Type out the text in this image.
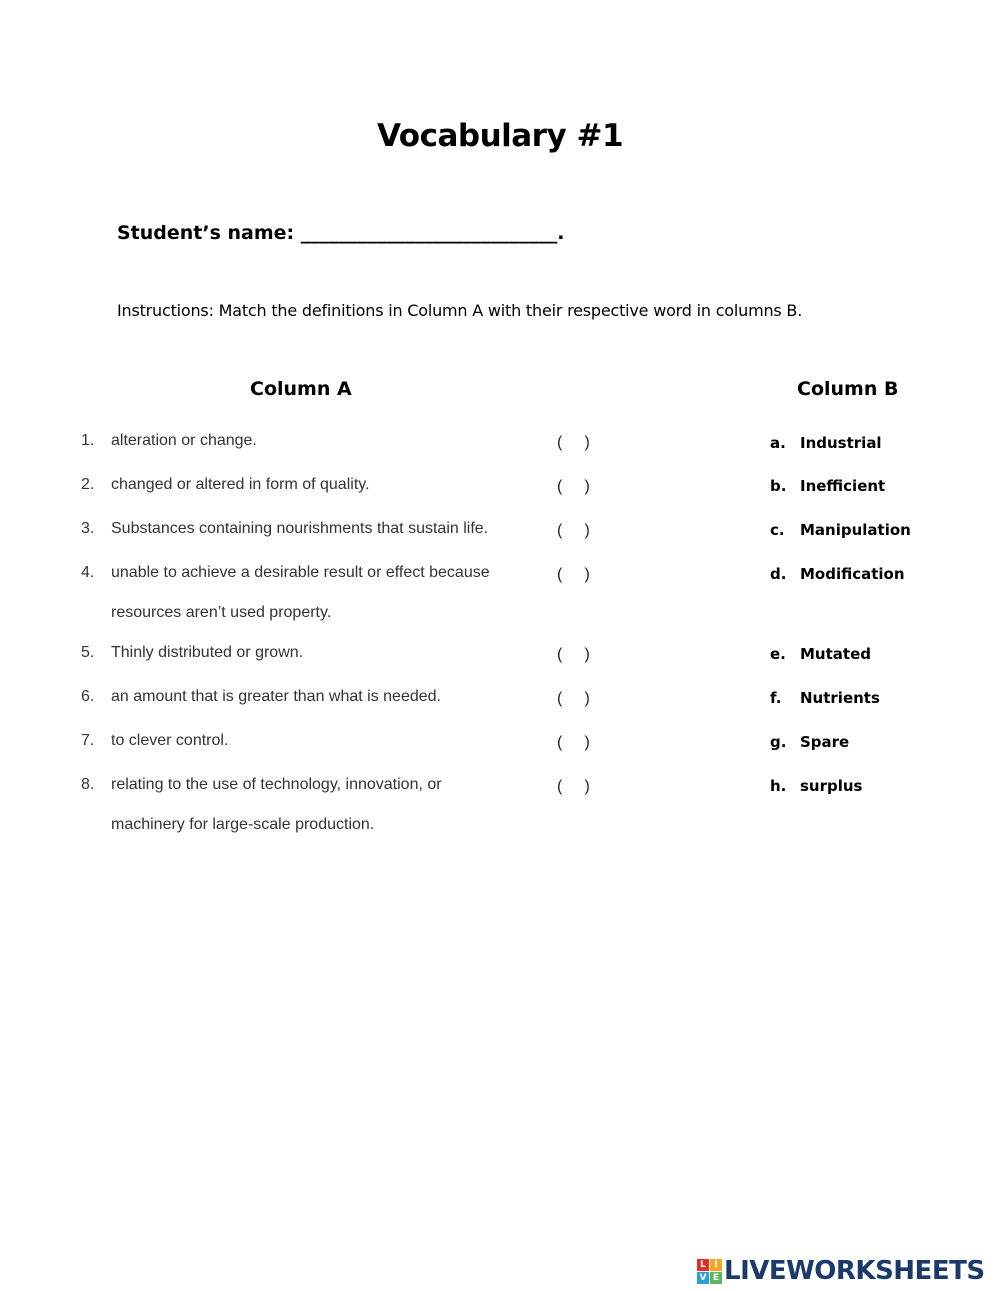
Vocabulary #1
Student’s name: ___________________________.
Instructions: Match the definitions in Column A with their respective word in columns B.
Column A	Column B
1. alteration or change.	(     )	a. Industrial
2. changed or altered in form of quality.	(     )	b. Inefficient
3. Substances containing nourishments that sustain life.	(     )	c. Manipulation
4. unable to achieve a desirable result or effect because
resources aren’t used property.
(     )	d. Modification
5. Thinly distributed or grown.	(     )	e. Mutated
6. an amount that is greater than what is needed.	(     )	f. Nutrients
7. to clever control.	(     )	g. Spare
8. relating to the use of technology, innovation, or
machinery for large-scale production.
(     )	h. surplus
L I
V E LIVEWORKSHEETS
